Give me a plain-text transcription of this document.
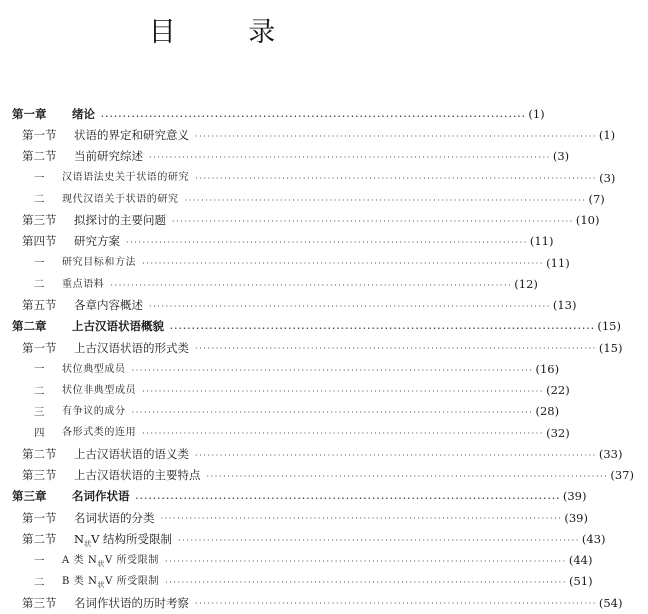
目 录
第一章	绪论 ································································································· (1)
第一节	状语的界定和研究意义 ································································································· (1)
第二节	当前研究综述 ································································································· (3)
一	汉语语法史关于状语的研究 ································································································· (3)
二	现代汉语关于状语的研究 ································································································· (7)
第三节	拟探讨的主要问题 ································································································· (10)
第四节	研究方案 ································································································· (11)
一	研究目标和方法 ································································································· (11)
二	重点语料 ································································································· (12)
第五节	各章内容概述 ································································································· (13)
第二章	上古汉语状语概貌 ································································································· (15)
第一节	上古汉语状语的形式类 ································································································· (15)
一	状位典型成员 ································································································· (16)
二	状位非典型成员 ································································································· (22)
三	有争议的成分 ································································································· (28)
四	各形式类的连用 ································································································· (32)
第二节	上古汉语状语的语义类 ································································································· (33)
第三节	上古汉语状语的主要特点 ································································································· (37)
第三章	名词作状语 ································································································· (39)
第一节	名词状语的分类 ································································································· (39)
第二节	$N_状V$ 结构所受限制 ································································································· (43)
一	A 类 $N_状V$ 所受限制 ································································································· (44)
二	B 类 $N_状V$ 所受限制 ································································································· (51)
第三节	名词作状语的历时考察 ································································································· (54)
